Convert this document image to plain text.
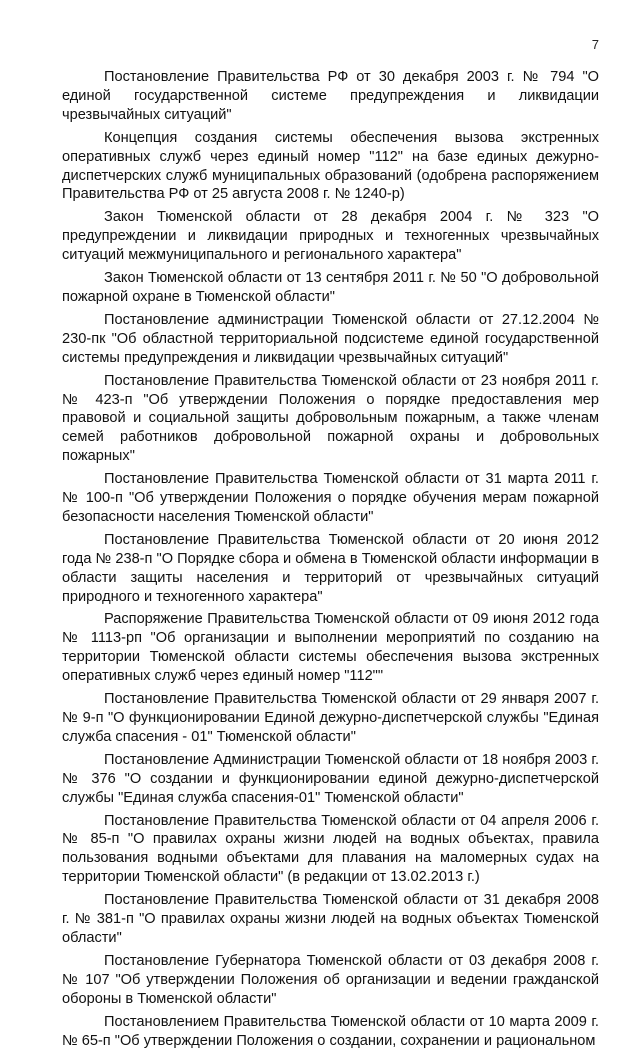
7

Постановление Правительства РФ от 30 декабря 2003 г. № 794 "О единой государственной системе предупреждения и ликвидации чрезвычайных ситуаций"

Концепция создания системы обеспечения вызова экстренных оперативных служб через единый номер "112" на базе единых дежурно-диспетчерских служб муниципальных образований (одобрена распоряжением Правительства РФ от 25 августа 2008 г. № 1240-р)

Закон Тюменской области от 28 декабря 2004 г. № 323 "О предупреждении и ликвидации природных и техногенных чрезвычайных ситуаций межмуниципального и регионального характера"

Закон Тюменской области от 13 сентября 2011 г. № 50 "О добровольной пожарной охране в Тюменской области"

Постановление администрации Тюменской области от 27.12.2004 № 230-пк "Об областной территориальной подсистеме единой государственной системы предупреждения и ликвидации чрезвычайных ситуаций"

Постановление Правительства Тюменской области от 23 ноября 2011 г. № 423-п "Об утверждении Положения о порядке предоставления мер правовой и социальной защиты добровольным пожарным, а также членам семей работников добровольной пожарной охраны и добровольных пожарных"

Постановление Правительства Тюменской области от 31 марта 2011 г. № 100-п "Об утверждении Положения о порядке обучения мерам пожарной безопасности населения Тюменской области"

Постановление Правительства Тюменской области от 20 июня 2012 года № 238-п "О Порядке сбора и обмена в Тюменской области информации в области защиты населения и территорий от чрезвычайных ситуаций природного и техногенного характера"

Распоряжение Правительства Тюменской области от 09 июня 2012 года № 1113-рп "Об организации и выполнении мероприятий по созданию на территории Тюменской области системы обеспечения вызова экстренных оперативных служб через единый номер "112""

Постановление Правительства Тюменской области от 29 января 2007 г. № 9-п "О функционировании Единой дежурно-диспетчерской службы "Единая служба спасения - 01" Тюменской области"

Постановление Администрации Тюменской области от 18 ноября 2003 г. № 376 "О создании и функционировании единой дежурно-диспетчерской службы "Единая служба спасения-01" Тюменской области"

Постановление Правительства Тюменской области от 04 апреля 2006 г. № 85-п "О правилах охраны жизни людей на водных объектах, правила пользования водными объектами для плавания на маломерных судах на территории Тюменской области" (в редакции от 13.02.2013 г.)

Постановление Правительства Тюменской области от 31 декабря 2008 г. № 381-п "О правилах охраны жизни людей на водных объектах Тюменской области"

Постановление Губернатора Тюменской области от 03 декабря 2008 г. № 107 "Об утверждении Положения об организации и ведении гражданской обороны в Тюменской области"

Постановлением Правительства Тюменской области от 10 марта 2009 г. № 65-п "Об утверждении Положения о создании, сохранении и рациональном
